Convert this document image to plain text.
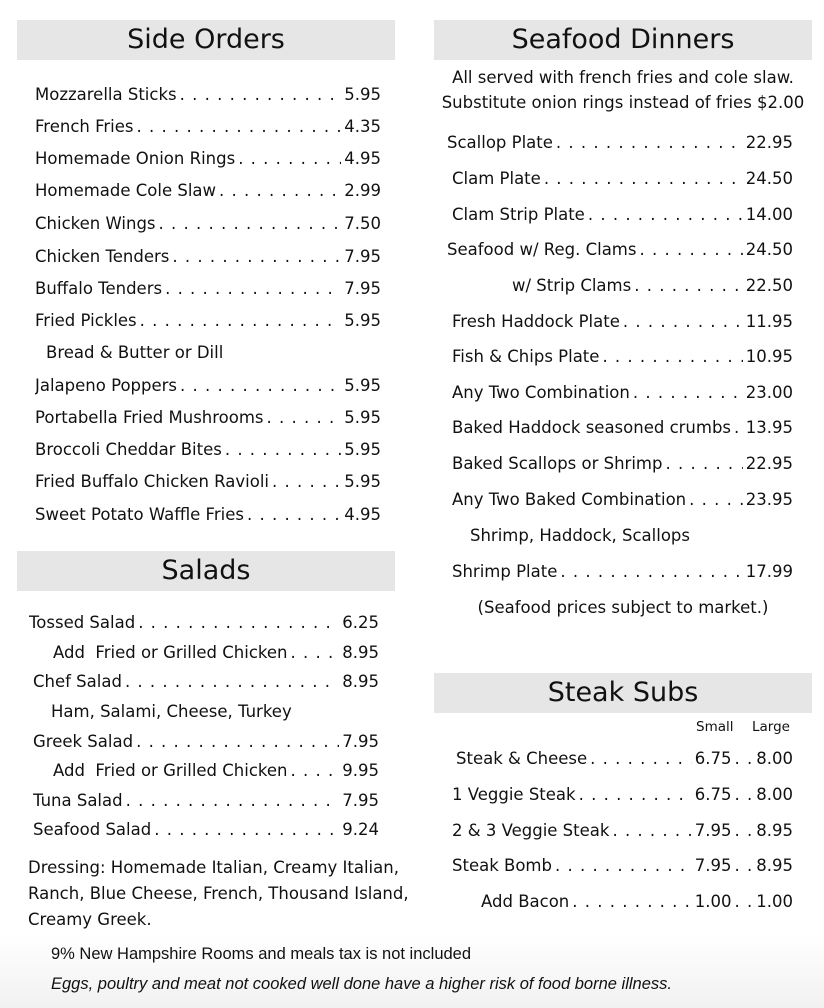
Side Orders
Mozzarella Sticks . . .	5.95
French Fries . . .	4.35
Homemade Onion Rings . . .	4.95
Homemade Cole Slaw . . .	2.99
Chicken Wings . . .	7.50
Chicken Tenders . . .	7.95
Buffalo Tenders . . .	7.95
Fried Pickles . . .	5.95
Bread & Butter or Dill
Jalapeno Poppers . . .	5.95
Portabella Fried Mushrooms . . .	5.95
Broccoli Cheddar Bites . . .	5.95
Fried Buffalo Chicken Ravioli . . .	5.95
Sweet Potato Waffle Fries . . .	4.95
Salads
Tossed Salad . . .	6.25
Add  Fried or Grilled Chicken . . .	8.95
Chef Salad . . .	8.95
Ham, Salami, Cheese, Turkey
Greek Salad . . .	7.95
Add  Fried or Grilled Chicken . . .	9.95
Tuna Salad . . .	7.95
Seafood Salad . . .	9.24
Dressing: Homemade Italian, Creamy Italian,
Ranch, Blue Cheese, French, Thousand Island,
Creamy Greek.
Seafood Dinners
All served with french fries and cole slaw.
Substitute onion rings instead of fries $2.00
Scallop Plate . . .	22.95
Clam Plate . . .	24.50
Clam Strip Plate . . .	14.00
Seafood w/ Reg. Clams . . .	24.50
w/ Strip Clams . . .	22.50
Fresh Haddock Plate . . .	11.95
Fish & Chips Plate . . .	10.95
Any Two Combination . . .	23.00
Baked Haddock seasoned crumbs . . . 13.95
Baked Scallops or Shrimp . . .	22.95
Any Two Baked Combination . . .	23.95
Shrimp, Haddock, Scallops
Shrimp Plate . . .	17.99
(Seafood prices subject to market.)
Steak Subs
Small Large
Steak & Cheese . . .	6.75 . . 8.00
1 Veggie Steak . . .	6.75 . . 8.00
2 & 3 Veggie Steak . . .	7.95 . . 8.95
Steak Bomb . . .	7.95 . . 8.95
Add Bacon . . .	1.00 . . 1.00
9% New Hampshire Rooms and meals tax is not included
Eggs, poultry and meat not cooked well done have a higher risk of food borne illness.
